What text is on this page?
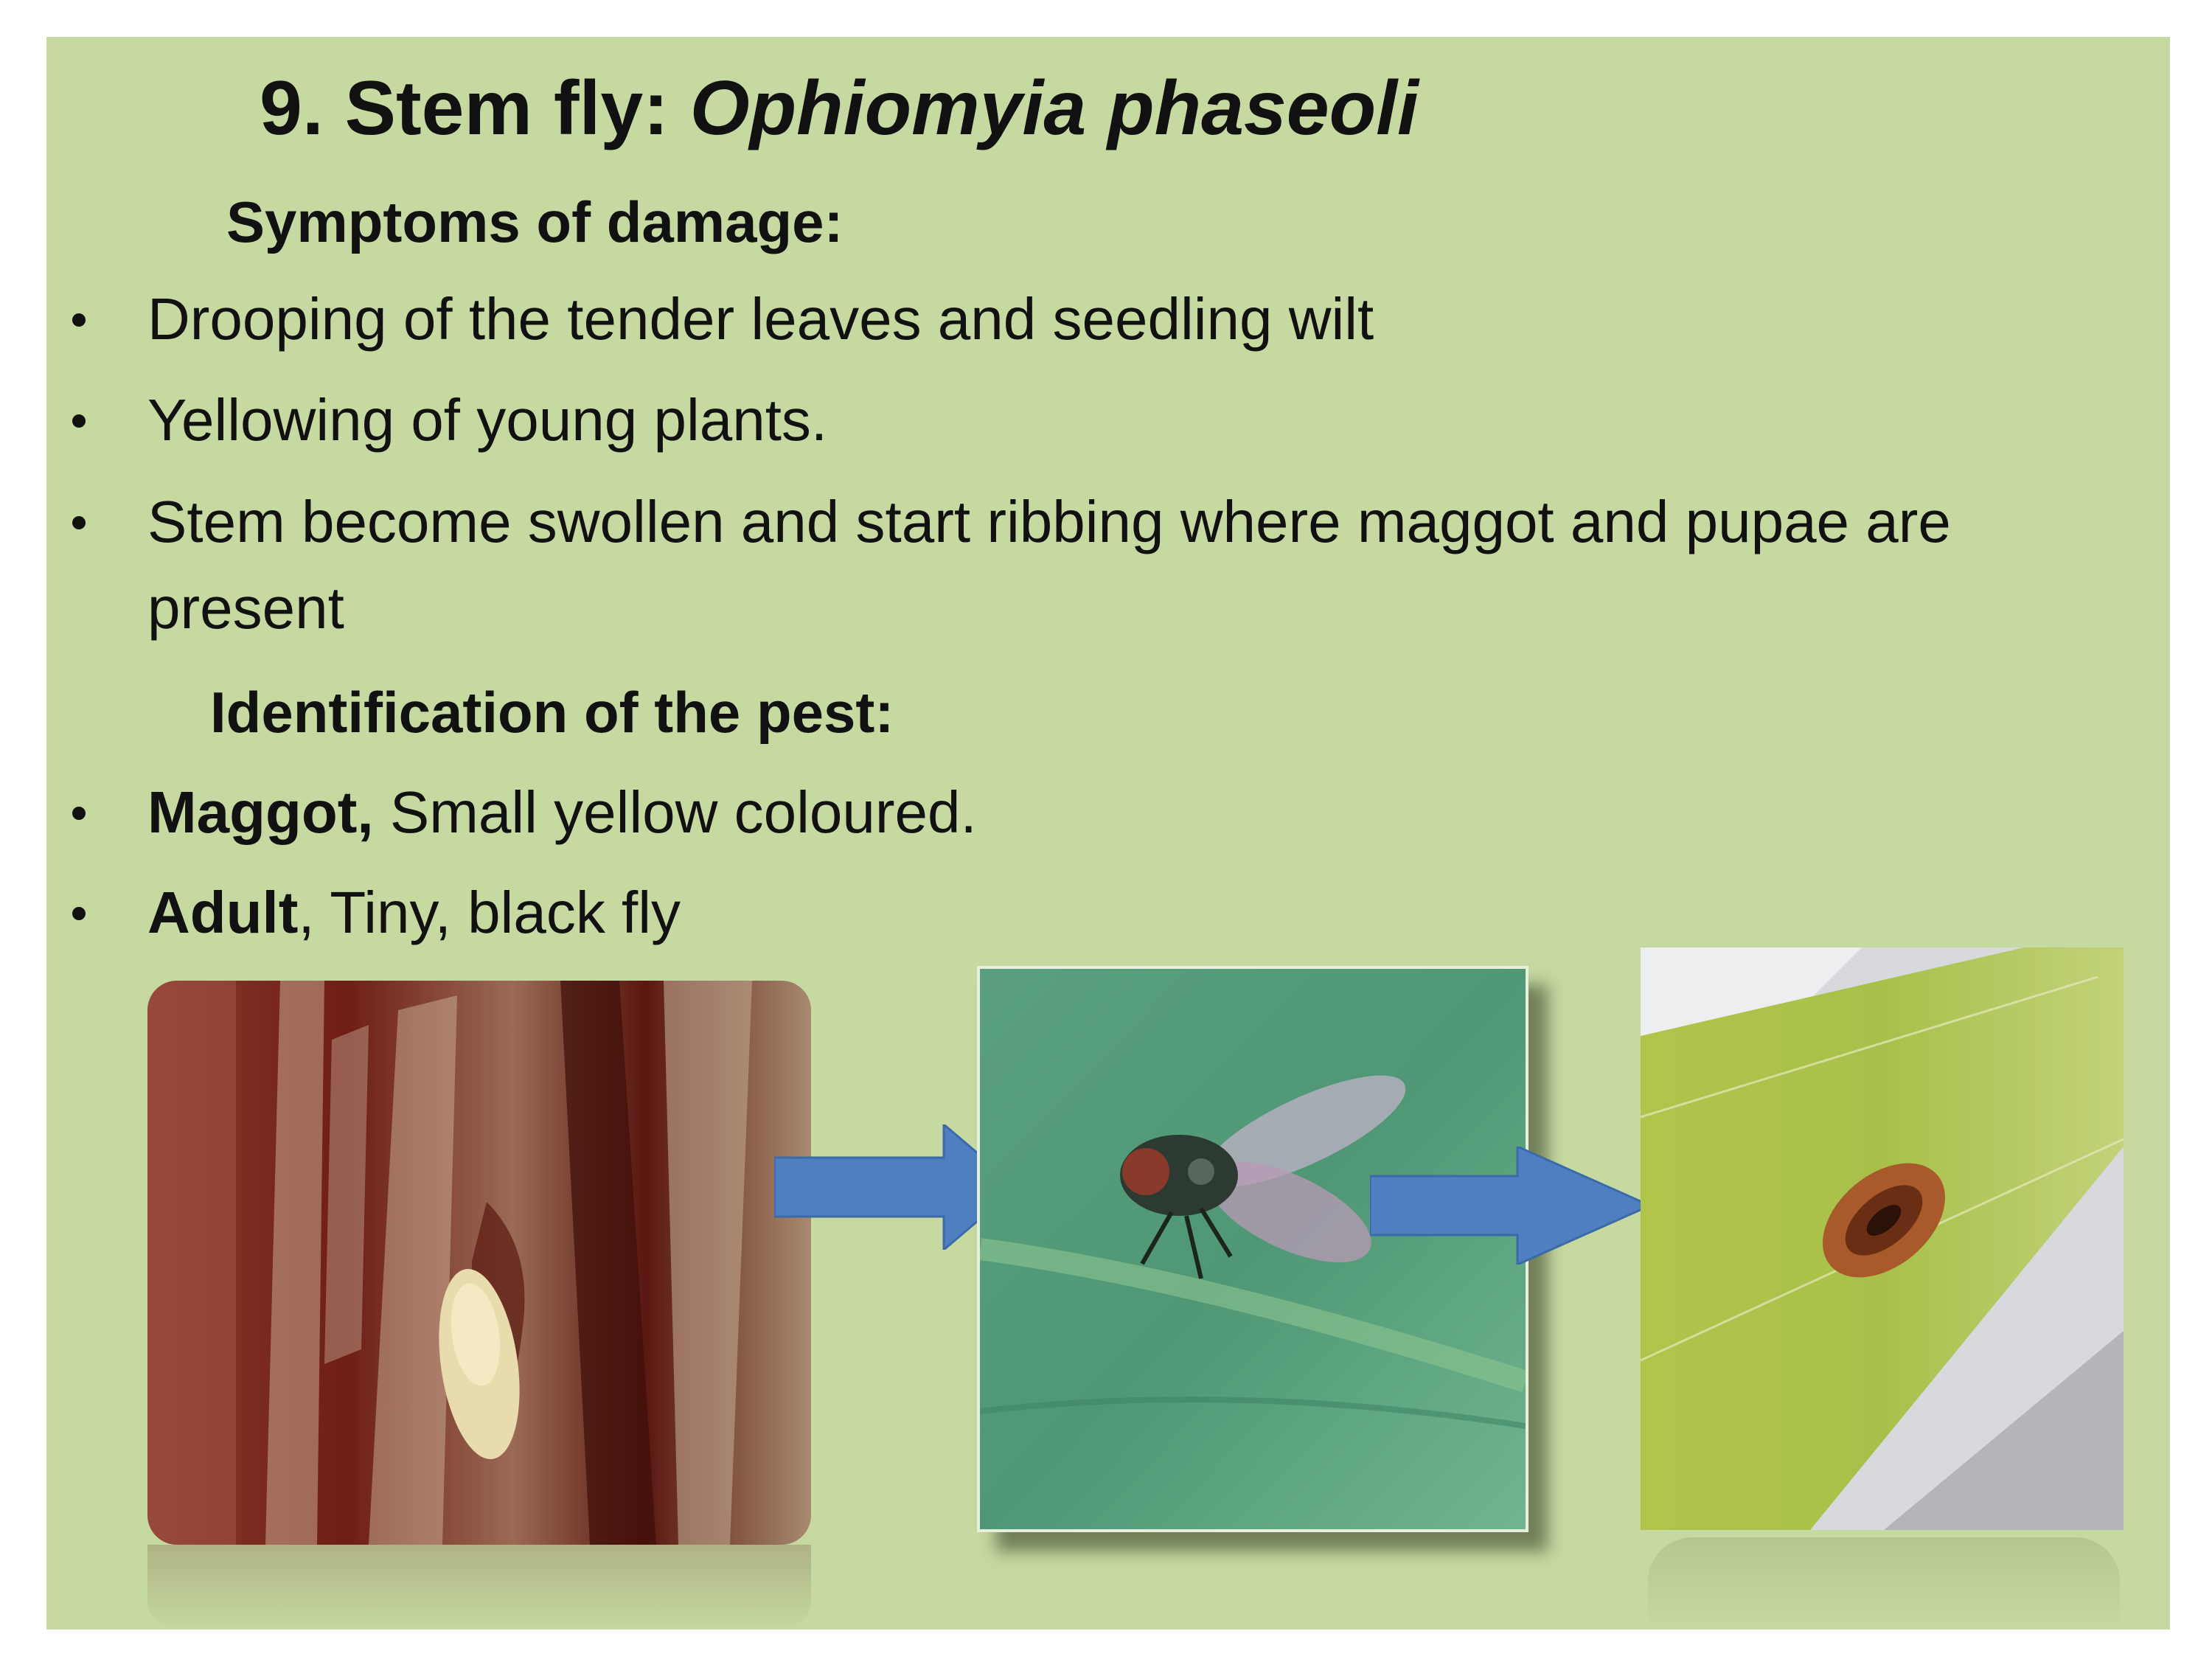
9. Stem fly: Ophiomyia phaseoli
Symptoms of damage:

Drooping of the tender leaves and seedling wilt

Yellowing of young plants.

Stem become swollen and start ribbing where maggot and pupae are

present

Identification of the pest:

Maggot, Small yellow coloured.

Adult, Tiny, black fly
